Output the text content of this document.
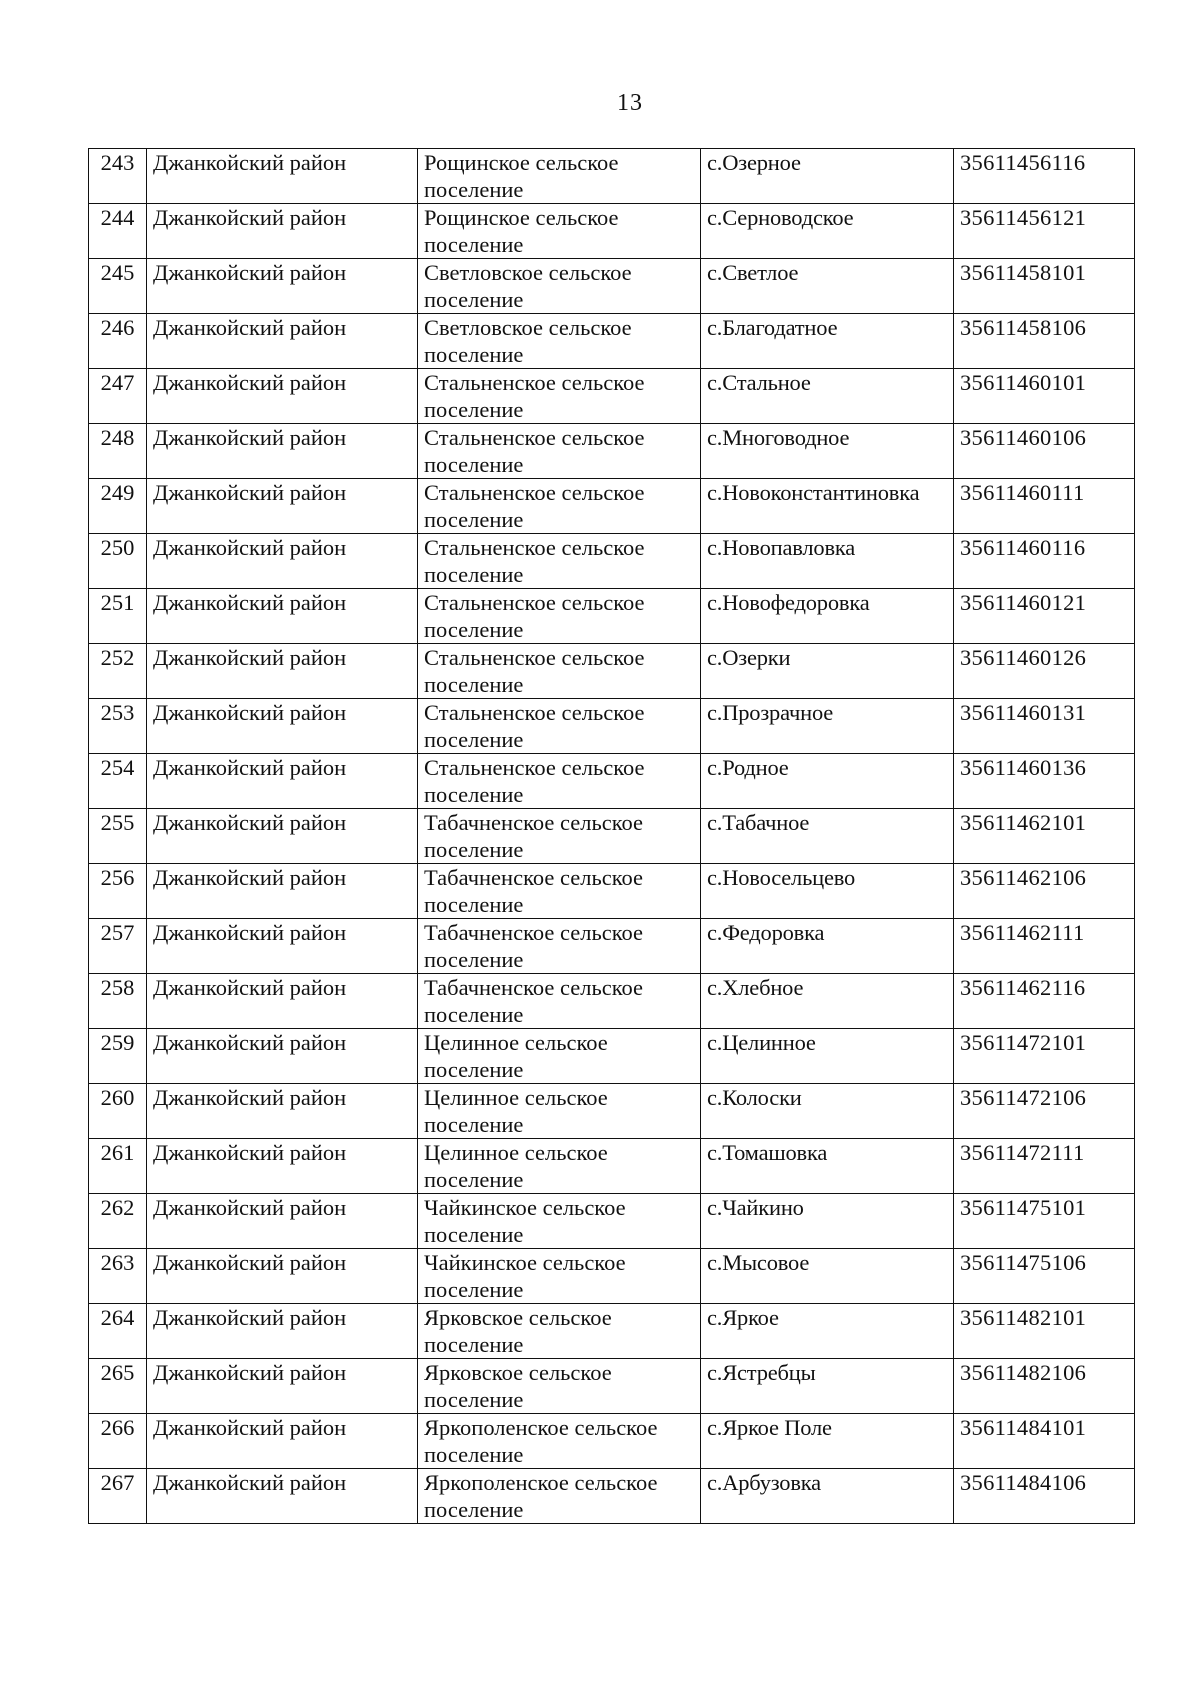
13
243	Джанкойский район	Рощинское сельское поселение	с.Озерное	35611456116
244	Джанкойский район	Рощинское сельское поселение	с.Серноводское	35611456121
245	Джанкойский район	Светловское сельское поселение	с.Светлое	35611458101
246	Джанкойский район	Светловское сельское поселение	с.Благодатное	35611458106
247	Джанкойский район	Стальненское сельское поселение	с.Стальное	35611460101
248	Джанкойский район	Стальненское сельское поселение	с.Многоводное	35611460106
249	Джанкойский район	Стальненское сельское поселение	с.Новоконстантиновка	35611460111
250	Джанкойский район	Стальненское сельское поселение	с.Новопавловка	35611460116
251	Джанкойский район	Стальненское сельское поселение	с.Новофедоровка	35611460121
252	Джанкойский район	Стальненское сельское поселение	с.Озерки	35611460126
253	Джанкойский район	Стальненское сельское поселение	с.Прозрачное	35611460131
254	Джанкойский район	Стальненское сельское поселение	с.Родное	35611460136
255	Джанкойский район	Табачненское сельское поселение	с.Табачное	35611462101
256	Джанкойский район	Табачненское сельское поселение	с.Новосельцево	35611462106
257	Джанкойский район	Табачненское сельское поселение	с.Федоровка	35611462111
258	Джанкойский район	Табачненское сельское поселение	с.Хлебное	35611462116
259	Джанкойский район	Целинное сельское поселение	с.Целинное	35611472101
260	Джанкойский район	Целинное сельское поселение	с.Колоски	35611472106
261	Джанкойский район	Целинное сельское поселение	с.Томашовка	35611472111
262	Джанкойский район	Чайкинское сельское поселение	с.Чайкино	35611475101
263	Джанкойский район	Чайкинское сельское поселение	с.Мысовое	35611475106
264	Джанкойский район	Ярковское сельское поселение	с.Яркое	35611482101
265	Джанкойский район	Ярковское сельское поселение	с.Ястребцы	35611482106
266	Джанкойский район	Яркополенское сельское поселение	с.Яркое Поле	35611484101
267	Джанкойский район	Яркополенское сельское поселение	с.Арбузовка	35611484106
